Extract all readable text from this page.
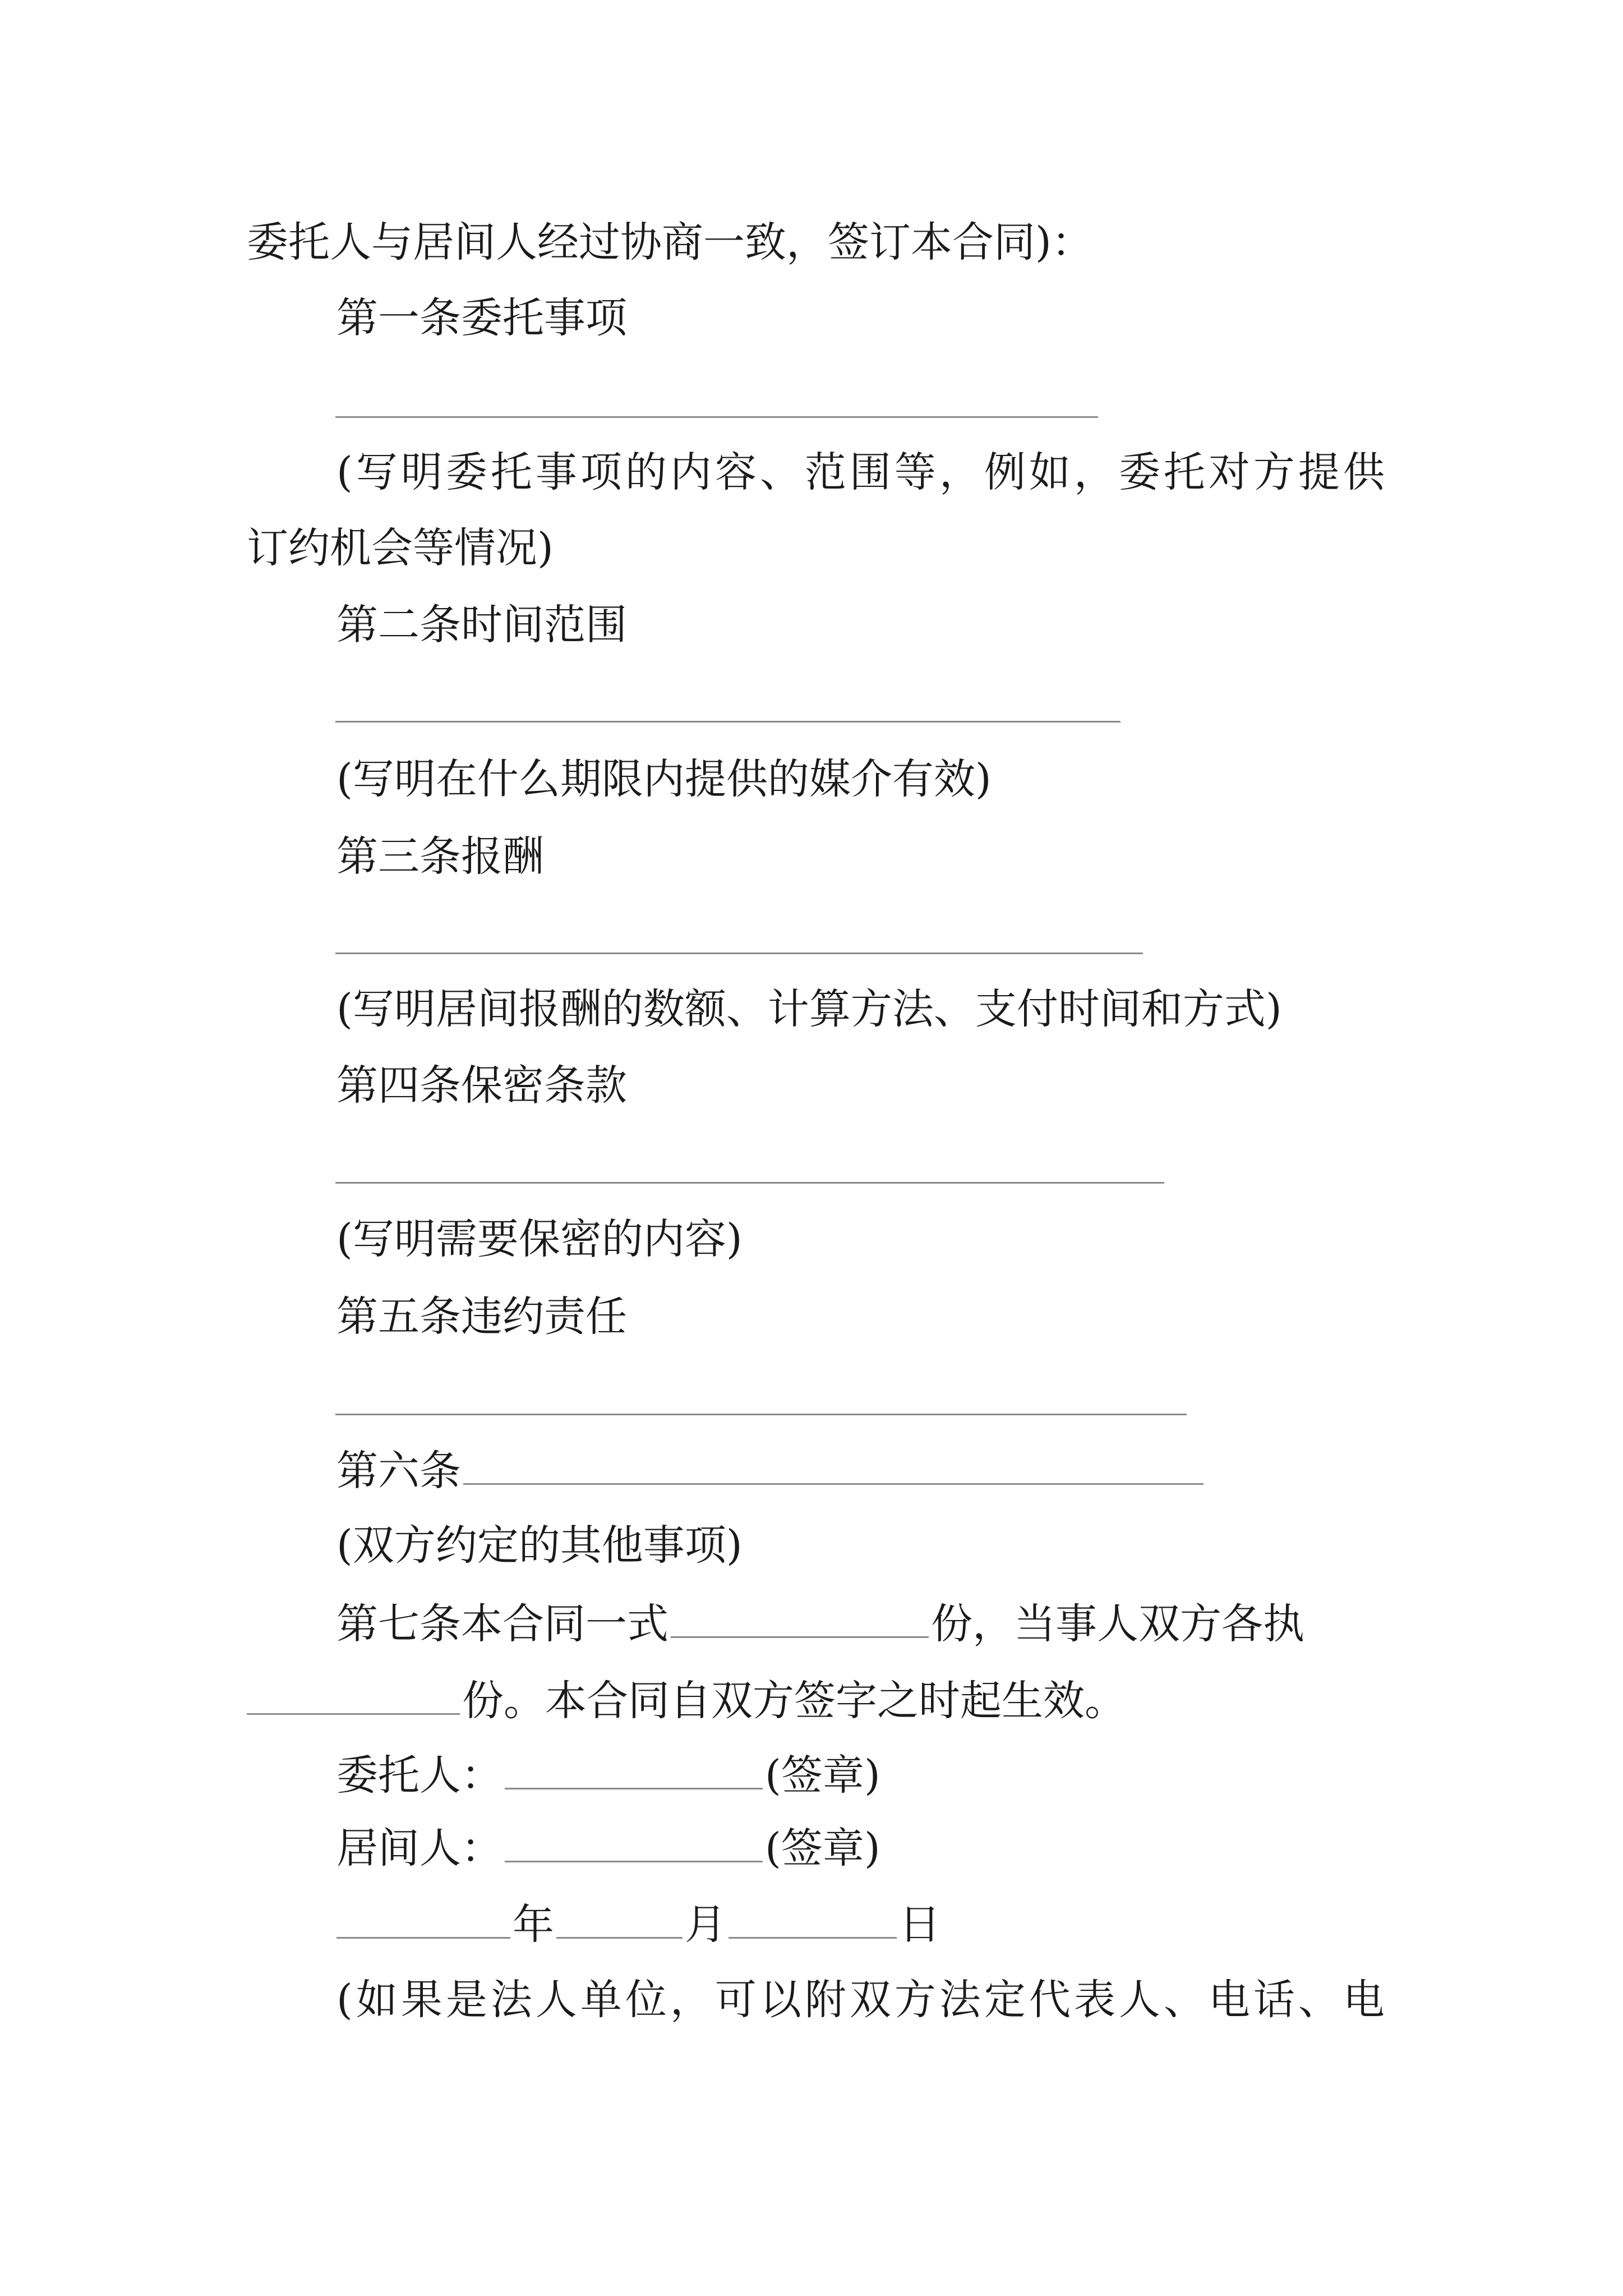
委托人与居间人经过协商一致，签订本合同)：
第一条委托事项
(写明委托事项的内容、范围等，例如，委托对方提供
订约机会等情况)
第二条时间范围
(写明在什么期限内提供的媒介有效)
第三条报酬
(写明居间报酬的数额、计算方法、支付时间和方式)
第四条保密条款
(写明需要保密的内容)
第五条违约责任
第六条
(双方约定的其他事项)
第七条本合同一式	份，当事人双方各执
份。本合同自双方签字之时起生效。
委托人：	(签章)
居间人：	(签章)
年	月	日
(如果是法人单位，可以附双方法定代表人、电话、电
